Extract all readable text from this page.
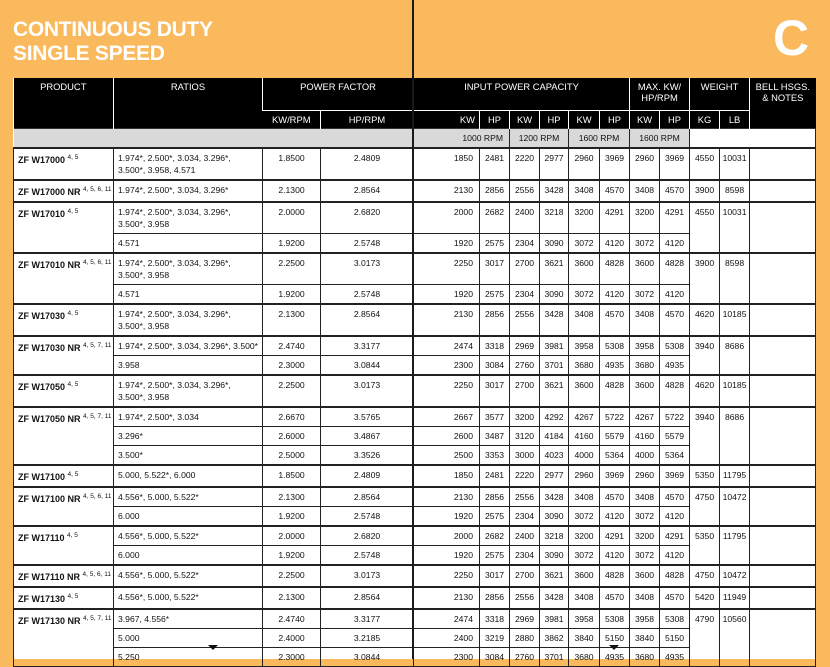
CONTINUOUS DUTY
SINGLE SPEED	C
PRODUCT	RATIOS	POWER FACTOR		INPUT POWER CAPACITY						MAX. KW/ HP/RPM		WEIGHT		BELL HSGS. & NOTES
		KW/RPM	HP/RPM	KW	HP	KW	HP	KW	HP	KW	HP	KG	LB	
				1000 RPM		1200 RPM		1600 RPM		1600 RPM				
ZF W17000 $^{4, 5}$	1.974*, 2.500*, 3.034, 3.296*, 3.500*, 3.958, 4.571	1.8500	2.4809	1850	2481	2220	2977	2960	3969	2960	3969	4550	10031	
ZF W17000 NR $^{4, 5, 6, 11}$	1.974*, 2.500*, 3.034, 3.296*	2.1300	2.8564	2130	2856	2556	3428	3408	4570	3408	4570	3900	8598	
ZF W17010 $^{4, 5}$	1.974*, 2.500*, 3.034, 3.296*, 3.500*, 3.958	2.0000	2.6820	2000	2682	2400	3218	3200	4291	3200	4291	4550	10031	
	4.571	1.9200	2.5748	1920	2575	2304	3090	3072	4120	3072	4120			
ZF W17010 NR $^{4, 5, 6, 11}$	1.974*, 2.500*, 3.034, 3.296*, 3.500*, 3.958	2.2500	3.0173	2250	3017	2700	3621	3600	4828	3600	4828	3900	8598	
	4.571	1.9200	2.5748	1920	2575	2304	3090	3072	4120	3072	4120			
ZF W17030 $^{4, 5}$	1.974*, 2.500*, 3.034, 3.296*, 3.500*, 3.958	2.1300	2.8564	2130	2856	2556	3428	3408	4570	3408	4570	4620	10185	
ZF W17030 NR $^{4, 5, 7, 11}$	1.974*, 2.500*, 3.034, 3.296*, 3.500*	2.4740	3.3177	2474	3318	2969	3981	3958	5308	3958	5308	3940	8686	
	3.958	2.3000	3.0844	2300	3084	2760	3701	3680	4935	3680	4935			
ZF W17050 $^{4, 5}$	1.974*, 2.500*, 3.034, 3.296*, 3.500*, 3.958	2.2500	3.0173	2250	3017	2700	3621	3600	4828	3600	4828	4620	10185	
ZF W17050 NR $^{4, 5, 7, 11}$	1.974*, 2.500*, 3.034	2.6670	3.5765	2667	3577	3200	4292	4267	5722	4267	5722	3940	8686	
	3.296*	2.6000	3.4867	2600	3487	3120	4184	4160	5579	4160	5579			
	3.500*	2.5000	3.3526	2500	3353	3000	4023	4000	5364	4000	5364			
ZF W17100 $^{4, 5}$	5.000, 5.522*, 6.000	1.8500	2.4809	1850	2481	2220	2977	2960	3969	2960	3969	5350	11795	
ZF W17100 NR $^{4, 5, 6, 11}$	4.556*, 5.000, 5.522*	2.1300	2.8564	2130	2856	2556	3428	3408	4570	3408	4570	4750	10472	
	6.000	1.9200	2.5748	1920	2575	2304	3090	3072	4120	3072	4120			
ZF W17110 $^{4, 5}$	4.556*, 5.000, 5.522*	2.0000	2.6820	2000	2682	2400	3218	3200	4291	3200	4291	5350	11795	
	6.000	1.9200	2.5748	1920	2575	2304	3090	3072	4120	3072	4120			
ZF W17110 NR $^{4, 5, 6, 11}$	4.556*, 5.000, 5.522*	2.2500	3.0173	2250	3017	2700	3621	3600	4828	3600	4828	4750	10472	
ZF W17130 $^{4, 5}$	4.556*, 5.000, 5.522*	2.1300	2.8564	2130	2856	2556	3428	3408	4570	3408	4570	5420	11949	
ZF W17130 NR $^{4, 5, 7, 11}$	3.967, 4.556*	2.4740	3.3177	2474	3318	2969	3981	3958	5308	3958	5308	4790	10560	
	5.000	2.4000	3.2185	2400	3219	2880	3862	3840	5150	3840	5150			
	5.250	2.3000	3.0844	2300	3084	2760	3701	3680	4935	3680	4935			
